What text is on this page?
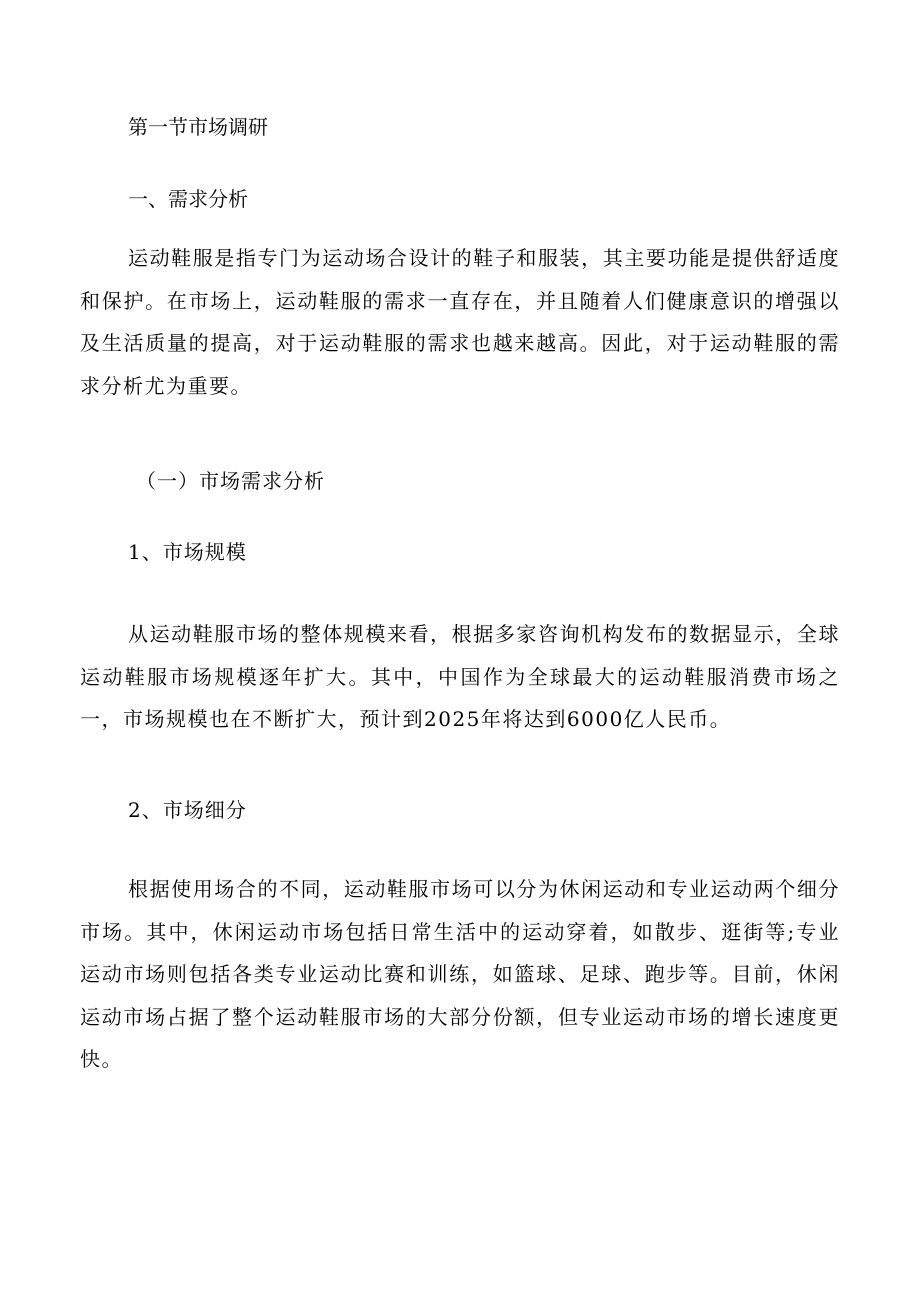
第一节市场调研
一、需求分析

运动鞋服是指专门为运动场合设计的鞋子和服装，其主要功能是提供舒适度和保护。在市场上，运动鞋服的需求一直存在，并且随着人们健康意识的增强以及生活质量的提高，对于运动鞋服的需求也越来越高。因此，对于运动鞋服的需求分析尤为重要。

（一）市场需求分析
1、市场规模

从运动鞋服市场的整体规模来看，根据多家咨询机构发布的数据显示，全球运动鞋服市场规模逐年扩大。其中，中国作为全球最大的运动鞋服消费市场之一，市场规模也在不断扩大，预计到2025年将达到6000亿人民币。

2、市场细分

根据使用场合的不同，运动鞋服市场可以分为休闲运动和专业运动两个细分市场。其中，休闲运动市场包括日常生活中的运动穿着，如散步、逛街等;专业运动市场则包括各类专业运动比赛和训练，如篮球、足球、跑步等。目前，休闲运动市场占据了整个运动鞋服市场的大部分份额，但专业运动市场的增长速度更快。
